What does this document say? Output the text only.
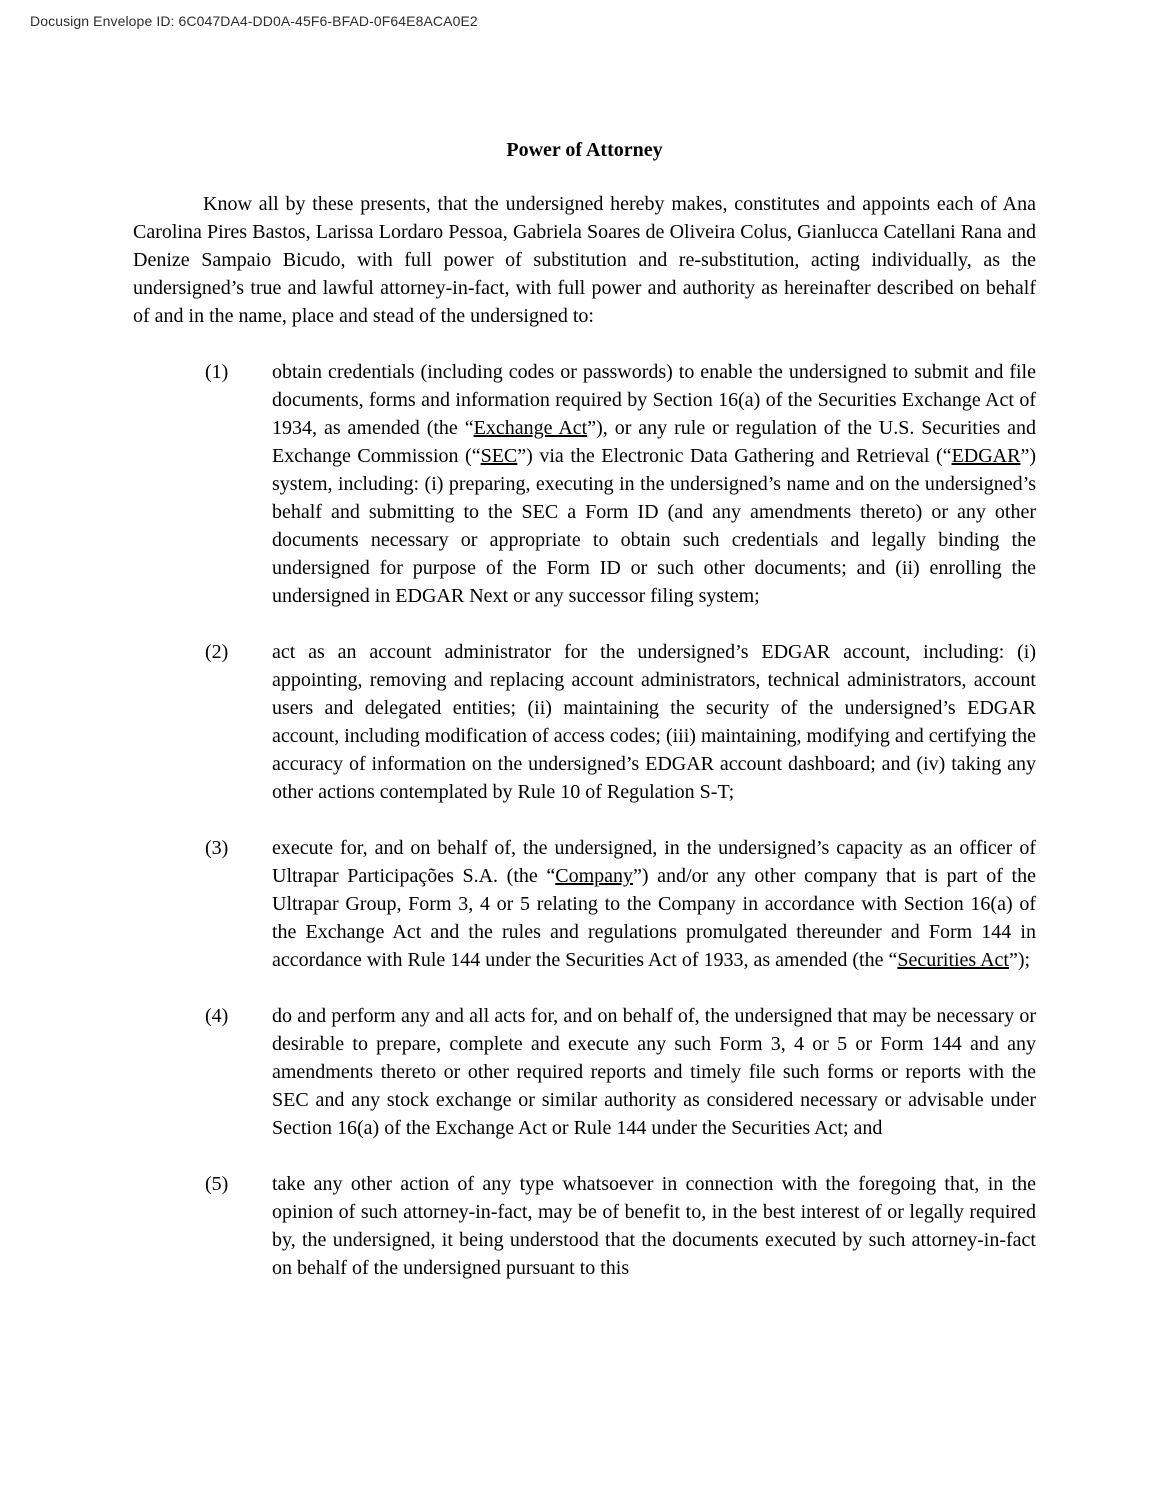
Docusign Envelope ID: 6C047DA4-DD0A-45F6-BFAD-0F64E8ACA0E2
Power of Attorney

Know all by these presents, that the undersigned hereby makes, constitutes and appoints each of Ana Carolina Pires Bastos, Larissa Lordaro Pessoa, Gabriela Soares de Oliveira Colus, Gianlucca Catellani Rana and Denize Sampaio Bicudo, with full power of substitution and re-substitution, acting individually, as the undersigned’s true and lawful attorney-in-fact, with full power and authority as hereinafter described on behalf of and in the name, place and stead of the undersigned to:

(1)	obtain credentials (including codes or passwords) to enable the undersigned to submit and file documents, forms and information required by Section 16(a) of the Securities Exchange Act of 1934, as amended (the “Exchange Act”), or any rule or regulation of the U.S. Securities and Exchange Commission (“SEC”) via the Electronic Data Gathering and Retrieval (“EDGAR”) system, including: (i) preparing, executing in the undersigned’s name and on the undersigned’s behalf and submitting to the SEC a Form ID (and any amendments thereto) or any other documents necessary or appropriate to obtain such credentials and legally binding the undersigned for purpose of the Form ID or such other documents; and (ii) enrolling the undersigned in EDGAR Next or any successor filing system;
(2)	act as an account administrator for the undersigned’s EDGAR account, including: (i) appointing, removing and replacing account administrators, technical administrators, account users and delegated entities; (ii) maintaining the security of the undersigned’s EDGAR account, including modification of access codes; (iii) maintaining, modifying and certifying the accuracy of information on the undersigned’s EDGAR account dashboard; and (iv) taking any other actions contemplated by Rule 10 of Regulation S-T;
(3)	execute for, and on behalf of, the undersigned, in the undersigned’s capacity as an officer of Ultrapar Participações S.A. (the “Company”) and/or any other company that is part of the Ultrapar Group, Form 3, 4 or 5 relating to the Company in accordance with Section 16(a) of the Exchange Act and the rules and regulations promulgated thereunder and Form 144 in accordance with Rule 144 under the Securities Act of 1933, as amended (the “Securities Act”);
(4)	do and perform any and all acts for, and on behalf of, the undersigned that may be necessary or desirable to prepare, complete and execute any such Form 3, 4 or 5 or Form 144 and any amendments thereto or other required reports and timely file such forms or reports with the SEC and any stock exchange or similar authority as considered necessary or advisable under Section 16(a) of the Exchange Act or Rule 144 under the Securities Act; and
(5)	take any other action of any type whatsoever in connection with the foregoing that, in the opinion of such attorney-in-fact, may be of benefit to, in the best interest of or legally required by, the undersigned, it being understood that the documents executed by such attorney-in-fact on behalf of the undersigned pursuant to this
